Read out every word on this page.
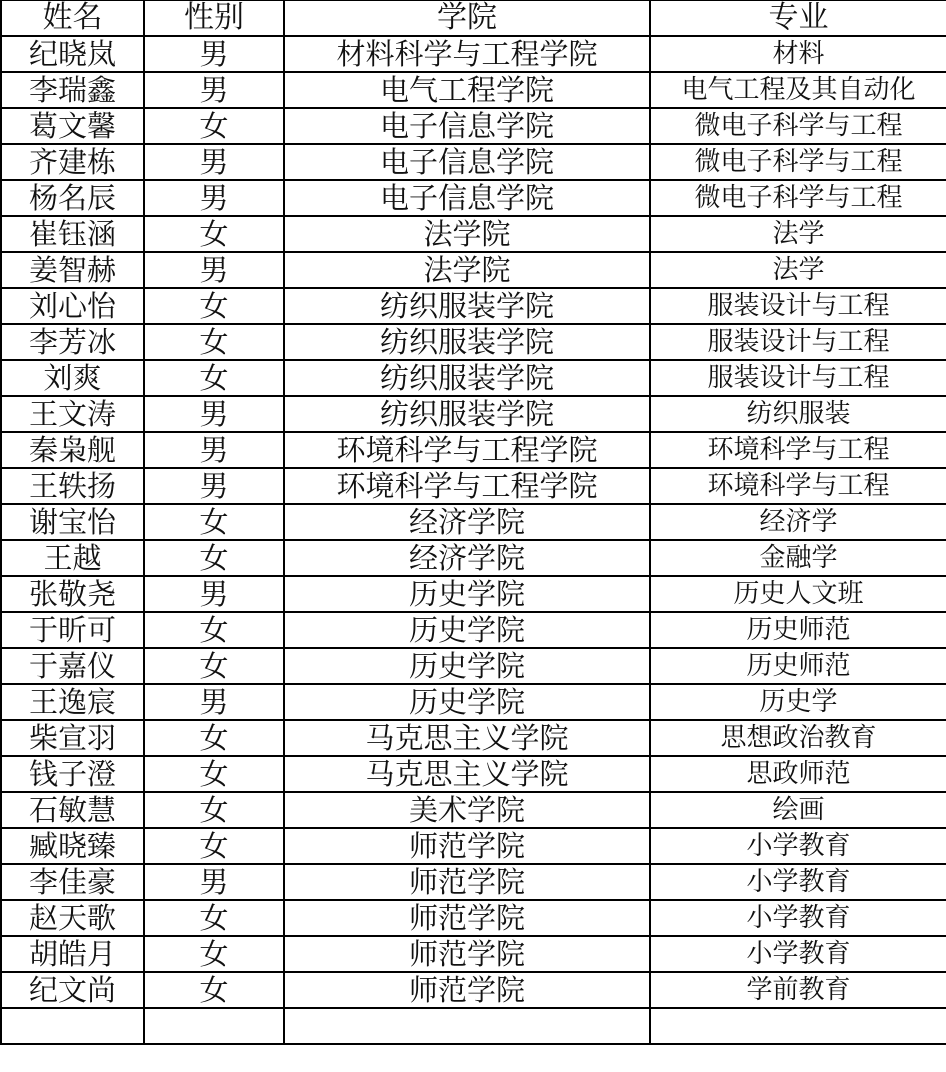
姓名	性别	学院	专业
纪晓岚	男	材料科学与工程学院	材料
李瑞鑫	男	电气工程学院	电气工程及其自动化
葛文馨	女	电子信息学院	微电子科学与工程
齐建栋	男	电子信息学院	微电子科学与工程
杨名辰	男	电子信息学院	微电子科学与工程
崔钰涵	女	法学院	法学
姜智赫	男	法学院	法学
刘心怡	女	纺织服装学院	服装设计与工程
李芳冰	女	纺织服装学院	服装设计与工程
刘爽	女	纺织服装学院	服装设计与工程
王文涛	男	纺织服装学院	纺织服装
秦枭舰	男	环境科学与工程学院	环境科学与工程
王轶扬	男	环境科学与工程学院	环境科学与工程
谢宝怡	女	经济学院	经济学
王越	女	经济学院	金融学
张敬尧	男	历史学院	历史人文班
于昕可	女	历史学院	历史师范
于嘉仪	女	历史学院	历史师范
王逸宸	男	历史学院	历史学
柴宣羽	女	马克思主义学院	思想政治教育
钱子澄	女	马克思主义学院	思政师范
石敏慧	女	美术学院	绘画
臧晓臻	女	师范学院	小学教育
李佳豪	男	师范学院	小学教育
赵天歌	女	师范学院	小学教育
胡皓月	女	师范学院	小学教育
纪文尚	女	师范学院	学前教育
